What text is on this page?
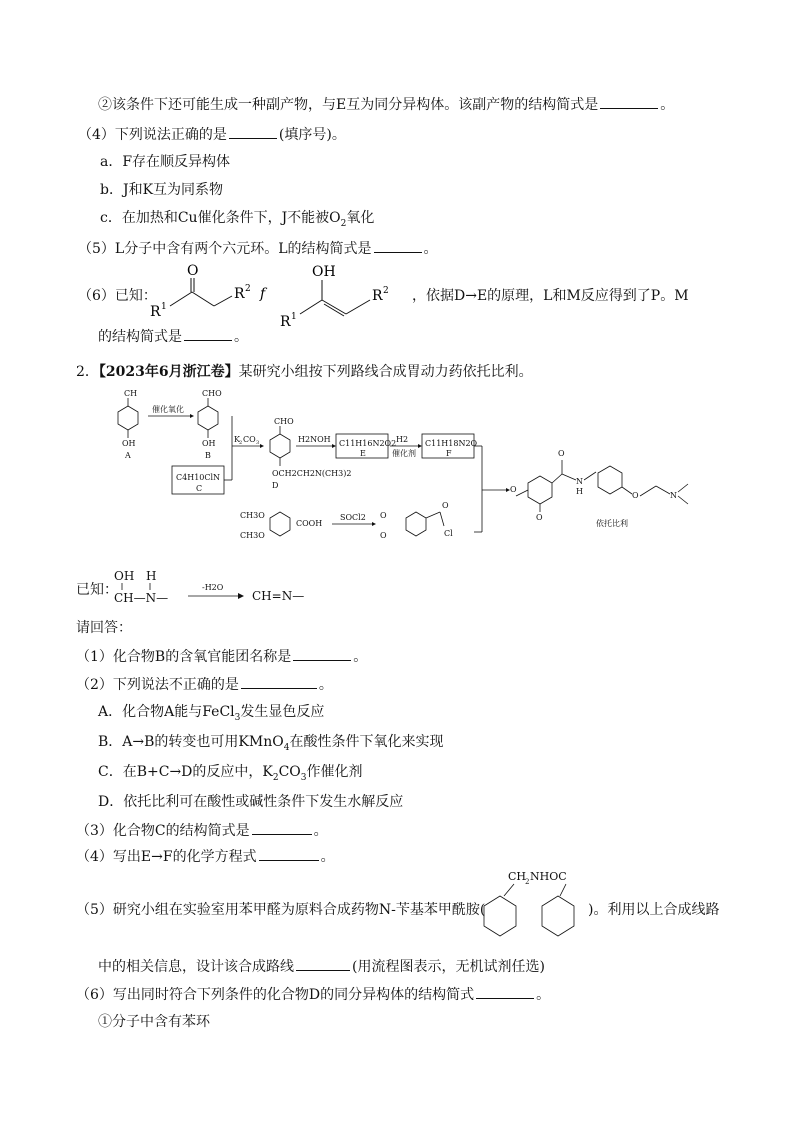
②该条件下还可能生成一种副产物，与E互为同分异构体。该副产物的结构简式是	。
（4）下列说法正确的是	(填序号)。
a．F存在顺反异构体
b．J和K互为同系物
c．在加热和Cu催化条件下，J不能被$O_2$氧化
（5）L分子中含有两个六元环。L的结构简式是	。
（6）已知：
O
R 1
R 2 f
OH
R 1
R 2 ，依据D→E的原理，L和M反应得到了P。M
的结构简式是	。
2．【2023年6月浙江卷】某研究小组按下列路线合成胃动力药依托比利。
CH
OH
A
催化氧化
CHO
OH
B
C4H10ClN
C
K 2 CO 3
CHO
OCH2CH2N(CH3)2
D
H2NOH C11H16N2O2
E
H2
催化剂
C11H18N2O
F
CH3O
CH3O
COOH
SOCl2 O
O
O
Cl
O
O
O
N
H	O	N
依托比利
已知：
OH H
CH—N—
-H2O
CH=N—
请回答：
（1）化合物B的含氧官能团名称是	。
（2）下列说法不正确的是	。
A．化合物A能与FeCl$_3$发生显色反应
B．A→B的转变也可用KMnO$_4$在酸性条件下氧化来实现
C．在B+C→D的反应中，$K_2CO_3$作催化剂
D．依托比利可在酸性或碱性条件下发生水解反应
（3）化合物C的结构简式是	。
（4）写出E→F的化学方程式	。
（5）研究小组在实验室用苯甲醛为原料合成药物N-苄基苯甲酰胺(
CH
2 NHOC
)。利用以上合成线路
中的相关信息，设计该合成路线	(用流程图表示，无机试剂任选)
（6）写出同时符合下列条件的化合物D的同分异构体的结构简式	。
①分子中含有苯环
